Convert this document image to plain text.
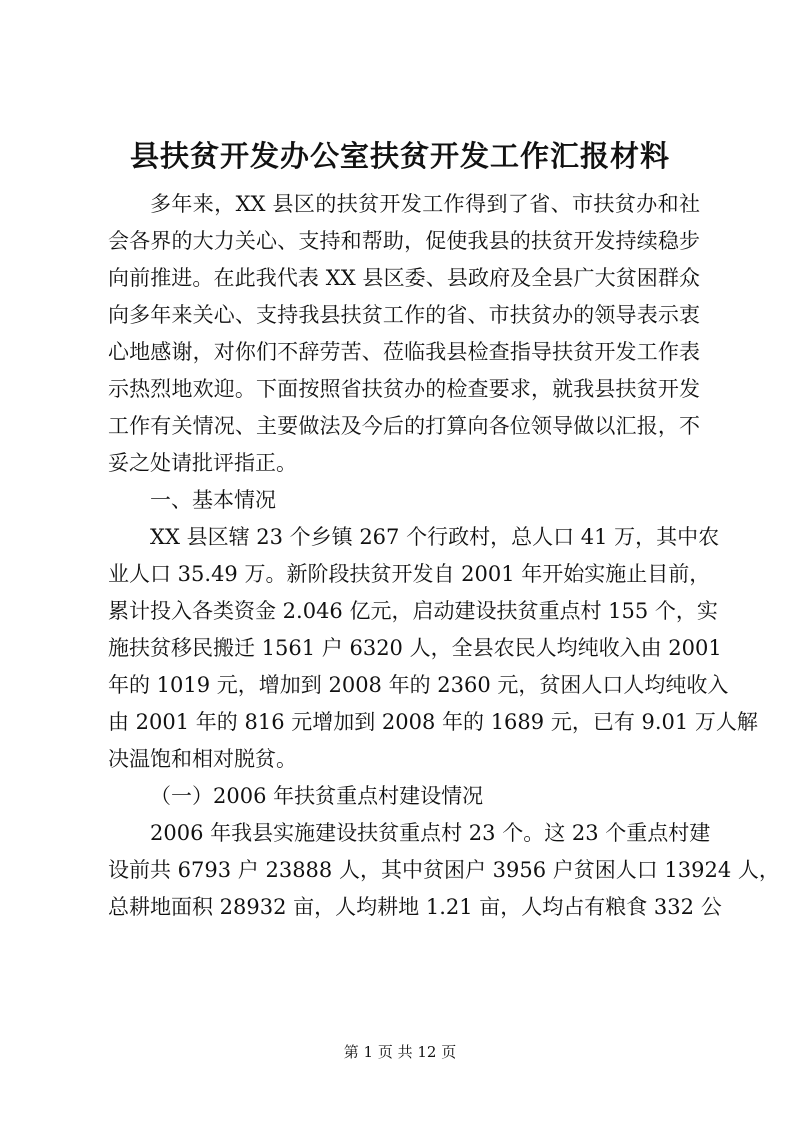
县扶贫开发办公室扶贫开发工作汇报材料
多年来，XX 县区的扶贫开发工作得到了省、市扶贫办和社
会各界的大力关心、支持和帮助，促使我县的扶贫开发持续稳步
向前推进。在此我代表 XX 县区委、县政府及全县广大贫困群众
向多年来关心、支持我县扶贫工作的省、市扶贫办的领导表示衷
心地感谢，对你们不辞劳苦、莅临我县检查指导扶贫开发工作表
示热烈地欢迎。下面按照省扶贫办的检查要求，就我县扶贫开发
工作有关情况、主要做法及今后的打算向各位领导做以汇报，不
妥之处请批评指正。
一、基本情况
XX 县区辖 23 个乡镇 267 个行政村，总人口 41 万，其中农
业人口 35.49 万。新阶段扶贫开发自 2001 年开始实施止目前，
累计投入各类资金 2.046 亿元，启动建设扶贫重点村 155 个，实
施扶贫移民搬迁 1561 户 6320 人，全县农民人均纯收入由 2001
年的 1019 元，增加到 2008 年的 2360 元，贫困人口人均纯收入
由 2001 年的 816 元增加到 2008 年的 1689 元，已有 9.01 万人解
决温饱和相对脱贫。
（一）2006 年扶贫重点村建设情况
2006 年我县实施建设扶贫重点村 23 个。这 23 个重点村建
设前共 6793 户 23888 人，其中贫困户 3956 户贫困人口 13924 人，
总耕地面积 28932 亩，人均耕地 1.21 亩，人均占有粮食 332 公
第 1 页 共 12 页
